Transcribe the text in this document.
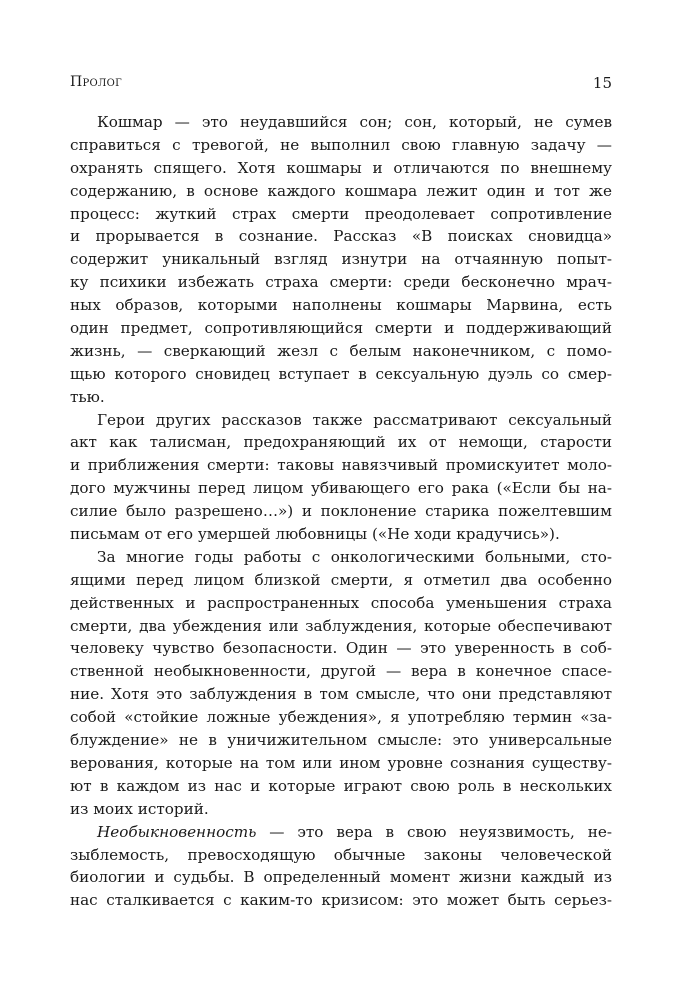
Пролог	15
Кошмар — это неудавшийся сон; сон, который, не сумев
справиться с тревогой, не выполнил свою главную задачу —
охранять спящего. Хотя кошмары и отличаются по внешнему
содержанию, в основе каждого кошмара лежит один и тот же
процесс: жуткий страх смерти преодолевает сопротивление
и прорывается в сознание. Рассказ «В поисках сновидца»
содержит уникальный взгляд изнутри на отчаянную попыт-
ку психики избежать страха смерти: среди бесконечно мрач-
ных образов, которыми наполнены кошмары Марвина, есть
один предмет, сопротивляющийся смерти и поддерживающий
жизнь, — сверкающий жезл с белым наконечником, с помо-
щью которого сновидец вступает в сексуальную дуэль со смер-
тью.
Герои других рассказов также рассматривают сексуальный
акт как талисман, предохраняющий их от немощи, старости
и приближения смерти: таковы навязчивый промискуитет моло-
дого мужчины перед лицом убивающего его рака («Если бы на-
силие было разрешено…») и поклонение старика пожелтевшим
письмам от его умершей любовницы («Не ходи крадучись»).
За многие годы работы с онкологическими больными, сто-
ящими перед лицом близкой смерти, я отметил два особенно
действенных и распространенных способа уменьшения страха
смерти, два убеждения или заблуждения, которые обеспечивают
человеку чувство безопасности. Один — это уверенность в соб-
ственной необыкновенности, другой — вера в конечное спасе-
ние. Хотя это заблуждения в том смысле, что они представляют
собой «стойкие ложные убеждения», я употребляю термин «за-
блуждение» не в уничижительном смысле: это универсальные
верования, которые на том или ином уровне сознания существу-
ют в каждом из нас и которые играют свою роль в нескольких
из моих историй.
Необыкновенность — это вера в свою неуязвимость, не-
зыблемость, превосходящую обычные законы человеческой
биологии и судьбы. В определенный момент жизни каждый из
нас сталкивается с каким-то кризисом: это может быть серьез-
